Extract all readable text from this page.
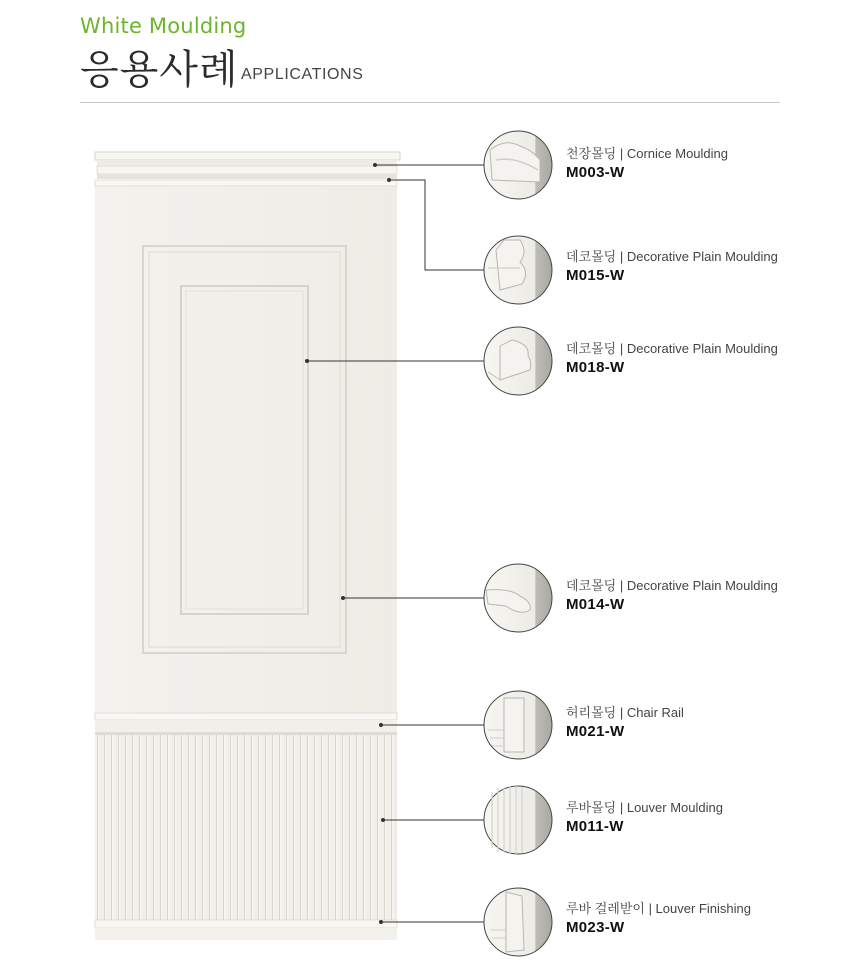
White Moulding
응용사례 APPLICATIONS
천장몰딩 | Cornice Moulding
M003-W
데코몰딩 | Decorative Plain Moulding
M015-W
데코몰딩 | Decorative Plain Moulding
M018-W
데코몰딩 | Decorative Plain Moulding
M014-W
허리몰딩 | Chair Rail
M021-W
루바몰딩 | Louver Moulding
M011-W
루바 걸레받이 | Louver Finishing
M023-W
